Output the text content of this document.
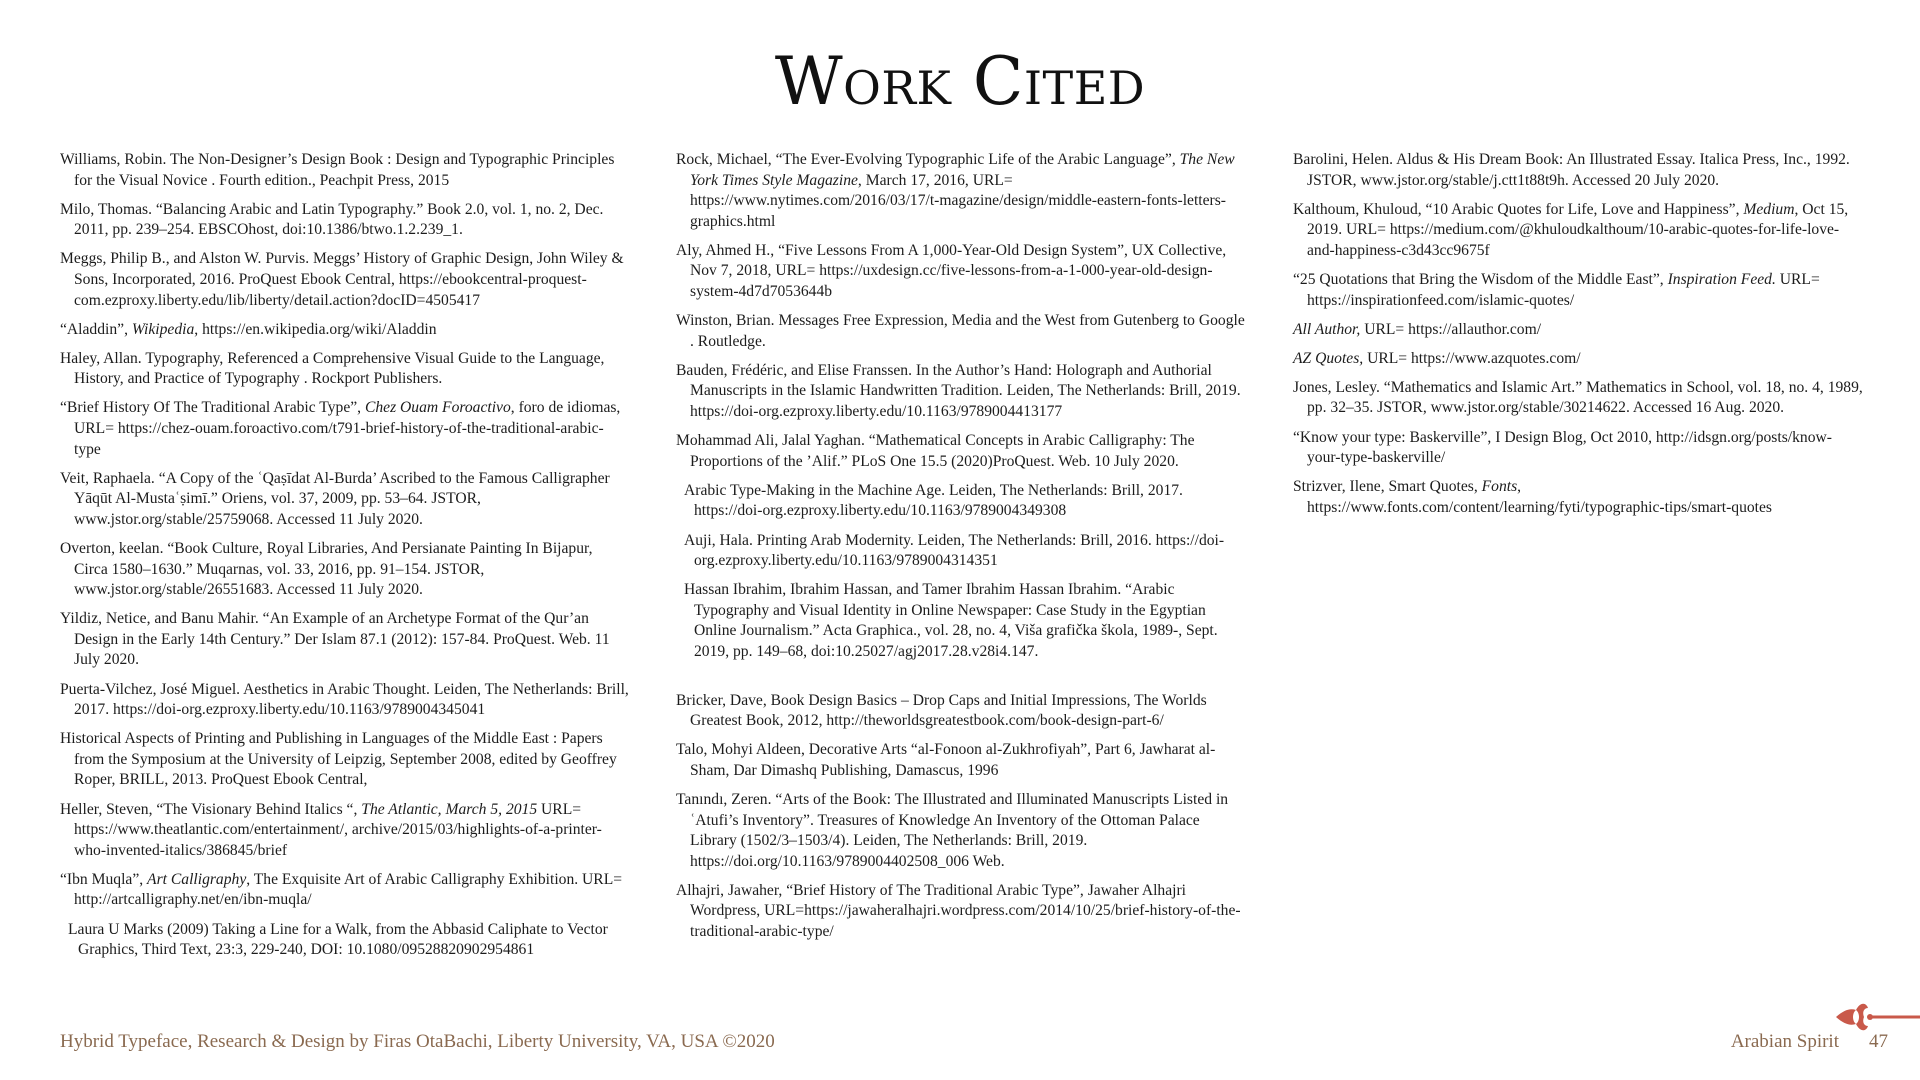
Work Cited

Williams, Robin. The Non-Designer’s Design Book : Design and Typographic Principles for the Visual Novice . Fourth edition., Peachpit Press, 2015

Milo, Thomas. “Balancing Arabic and Latin Typography.” Book 2.0, vol. 1, no. 2, Dec. 2011, pp. 239–254. EBSCOhost, doi:10.1386/btwo.1.2.239_1.

Meggs, Philip B., and Alston W. Purvis. Meggs’ History of Graphic Design, John Wiley & Sons, Incorporated, 2016. ProQuest Ebook Central, https://ebookcentral-proquest-com.ezproxy.liberty.edu/lib/liberty/detail.action?docID=4505417

“Aladdin”, Wikipedia, https://en.wikipedia.org/wiki/Aladdin

Haley, Allan. Typography, Referenced a Comprehensive Visual Guide to the Language, History, and Practice of Typography . Rockport Publishers.

“Brief History Of The Traditional Arabic Type”, Chez Ouam Foroactivo, foro de idiomas, URL= https://chez-ouam.foroactivo.com/t791-brief-history-of-the-traditional-arabic-type

Veit, Raphaela. “A Copy of the ʿQaṣīdat Al-Burda’ Ascribed to the Famous Calligrapher Yāqūt Al-Mustaʿṣimī.” Oriens, vol. 37, 2009, pp. 53–64. JSTOR, www.jstor.org/stable/25759068. Accessed 11 July 2020.

Overton, keelan. “Book Culture, Royal Libraries, And Persianate Painting In Bijapur, Circa 1580–1630.” Muqarnas, vol. 33, 2016, pp. 91–154. JSTOR, www.jstor.org/stable/26551683. Accessed 11 July 2020.

Yildiz, Netice, and Banu Mahir. “An Example of an Archetype Format of the Qur’an Design in the Early 14th Century.” Der Islam 87.1 (2012): 157-84. ProQuest. Web. 11 July 2020.

Puerta-Vilchez, José Miguel. Aesthetics in Arabic Thought. Leiden, The Netherlands: Brill, 2017. https://doi-org.ezproxy.liberty.edu/10.1163/9789004345041

Historical Aspects of Printing and Publishing in Languages of the Middle East : Papers from the Symposium at the University of Leipzig, September 2008, edited by Geoffrey Roper, BRILL, 2013. ProQuest Ebook Central,

Heller, Steven, “The Visionary Behind Italics “, The Atlantic, March 5, 2015 URL= https://www.theatlantic.com/entertainment/, archive/2015/03/highlights-of-a-printer-who-invented-italics/386845/brief

“Ibn Muqla”, Art Calligraphy, The Exquisite Art of Arabic Calligraphy Exhibition. URL= http://artcalligraphy.net/en/ibn-muqla/

Laura U Marks (2009) Taking a Line for a Walk, from the Abbasid Caliphate to Vector Graphics, Third Text, 23:3, 229-240, DOI: 10.1080/09528820902954861

Rock, Michael, “The Ever-Evolving Typographic Life of the Arabic Language”, The New York Times Style Magazine, March 17, 2016, URL= https://www.nytimes.com/2016/03/17/t-magazine/design/middle-eastern-fonts-letters-graphics.html

Aly, Ahmed H., “Five Lessons From A 1,000-Year-Old Design System”, UX Collective, Nov 7, 2018, URL= https://uxdesign.cc/five-lessons-from-a-1-000-year-old-design-system-4d7d7053644b

Winston, Brian. Messages Free Expression, Media and the West from Gutenberg to Google . Routledge.

Bauden, Frédéric, and Elise Franssen. In the Author’s Hand: Holograph and Authorial Manuscripts in the Islamic Handwritten Tradition. Leiden, The Netherlands: Brill, 2019. https://doi-org.ezproxy.liberty.edu/10.1163/9789004413177

Mohammad Ali, Jalal Yaghan. “Mathematical Concepts in Arabic Calligraphy: The Proportions of the ’Alif.” PLoS One 15.5 (2020)ProQuest. Web. 10 July 2020.

Arabic Type-Making in the Machine Age. Leiden, The Netherlands: Brill, 2017. https://doi-org.ezproxy.liberty.edu/10.1163/9789004349308

Auji, Hala. Printing Arab Modernity. Leiden, The Netherlands: Brill, 2016. https://doi-org.ezproxy.liberty.edu/10.1163/9789004314351

Hassan Ibrahim, Ibrahim Hassan, and Tamer Ibrahim Hassan Ibrahim. “Arabic Typography and Visual Identity in Online Newspaper: Case Study in the Egyptian Online Journalism.” Acta Graphica., vol. 28, no. 4, Viša grafička škola, 1989-, Sept. 2019, pp. 149–68, doi:10.25027/agj2017.28.v28i4.147.

Bricker, Dave, Book Design Basics – Drop Caps and Initial Impressions, The Worlds Greatest Book, 2012, http://theworldsgreatestbook.com/book-design-part-6/

Talo, Mohyi Aldeen, Decorative Arts “al-Fonoon al-Zukhrofiyah”, Part 6, Jawharat al-Sham, Dar Dimashq Publishing, Damascus, 1996

Tanındı, Zeren. “Arts of the Book: The Illustrated and Illuminated Manuscripts Listed in ʿAtufi’s Inventory”. Treasures of Knowledge An Inventory of the Ottoman Palace Library (1502/3–1503/4). Leiden, The Netherlands: Brill, 2019. https://doi.org/10.1163/9789004402508_006 Web.

Alhajri, Jawaher, “Brief History of The Traditional Arabic Type”, Jawaher Alhajri Wordpress, URL=https://jawaheralhajri.wordpress.com/2014/10/25/brief-history-of-the-traditional-arabic-type/

Barolini, Helen. Aldus & His Dream Book: An Illustrated Essay. Italica Press, Inc., 1992. JSTOR, www.jstor.org/stable/j.ctt1t88t9h. Accessed 20 July 2020.

Kalthoum, Khuloud, “10 Arabic Quotes for Life, Love and Happiness”, Medium, Oct 15, 2019. URL= https://medium.com/@khuloudkalthoum/10-arabic-quotes-for-life-love-and-happiness-c3d43cc9675f

“25 Quotations that Bring the Wisdom of the Middle East”, Inspiration Feed. URL= https://inspirationfeed.com/islamic-quotes/

All Author, URL= https://allauthor.com/

AZ Quotes, URL= https://www.azquotes.com/

Jones, Lesley. “Mathematics and Islamic Art.” Mathematics in School, vol. 18, no. 4, 1989, pp. 32–35. JSTOR, www.jstor.org/stable/30214622. Accessed 16 Aug. 2020.

“Know your type: Baskerville”, I Design Blog, Oct 2010, http://idsgn.org/posts/know-your-type-baskerville/

Strizver, Ilene, Smart Quotes, Fonts, https://www.fonts.com/content/learning/fyti/typographic-tips/smart-quotes

Hybrid Typeface, Research & Design by Firas OtaBachi, Liberty University, VA, USA ©2020	Arabian Spirit 47
